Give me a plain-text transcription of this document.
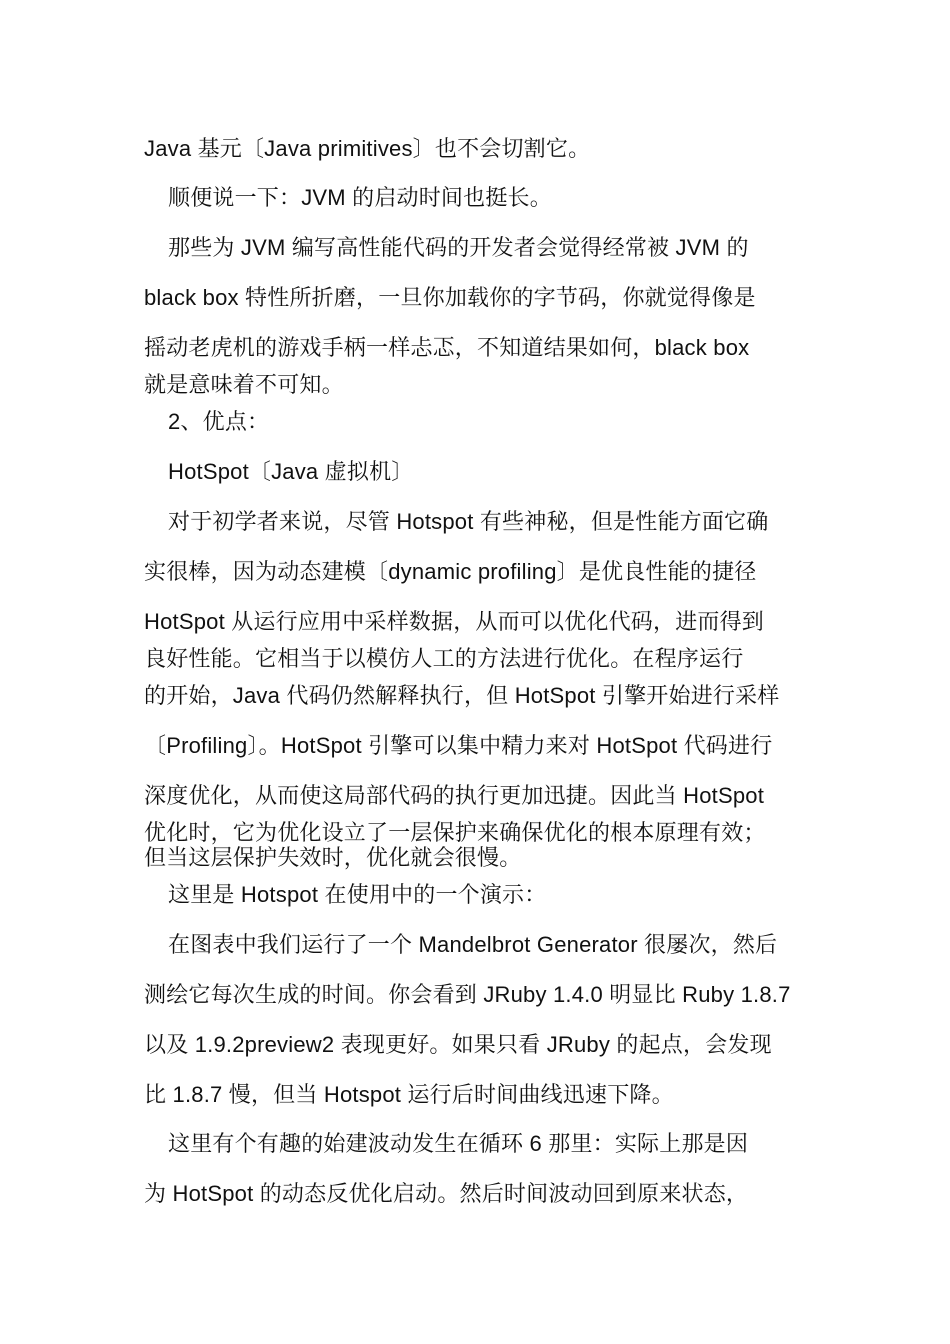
Java 基元〔Java primitives〕也不会切割它。
顺便说一下：JVM 的启动时间也挺长。
那些为 JVM 编写高性能代码的开发者会觉得经常被 JVM 的
black box 特性所折磨，一旦你加载你的字节码，你就觉得像是
摇动老虎机的游戏手柄一样忐忑，不知道结果如何，black box
就是意味着不可知。
2、优点：
HotSpot〔Java 虚拟机〕
对于初学者来说，尽管 Hotspot 有些神秘，但是性能方面它确
实很棒，因为动态建模〔dynamic profiling〕是优良性能的捷径
HotSpot 从运行应用中采样数据，从而可以优化代码，进而得到
良好性能。它相当于以模仿人工的方法进行优化。在程序运行
的开始，Java 代码仍然解释执行，但 HotSpot 引擎开始进行采样
〔Profiling〕。HotSpot 引擎可以集中精力来对 HotSpot 代码进行
深度优化，从而使这局部代码的执行更加迅捷。因此当 HotSpot
优化时，它为优化设立了一层保护来确保优化的根本原理有效；
但当这层保护失效时，优化就会很慢。
这里是 Hotspot 在使用中的一个演示：
在图表中我们运行了一个 Mandelbrot Generator 很屡次，然后
测绘它每次生成的时间。你会看到 JRuby 1.4.0 明显比 Ruby 1.8.7
以及 1.9.2preview2 表现更好。如果只看 JRuby 的起点，会发现
比 1.8.7 慢，但当 Hotspot 运行后时间曲线迅速下降。
这里有个有趣的始建波动发生在循环 6 那里：实际上那是因
为 HotSpot 的动态反优化启动。然后时间波动回到原来状态，
